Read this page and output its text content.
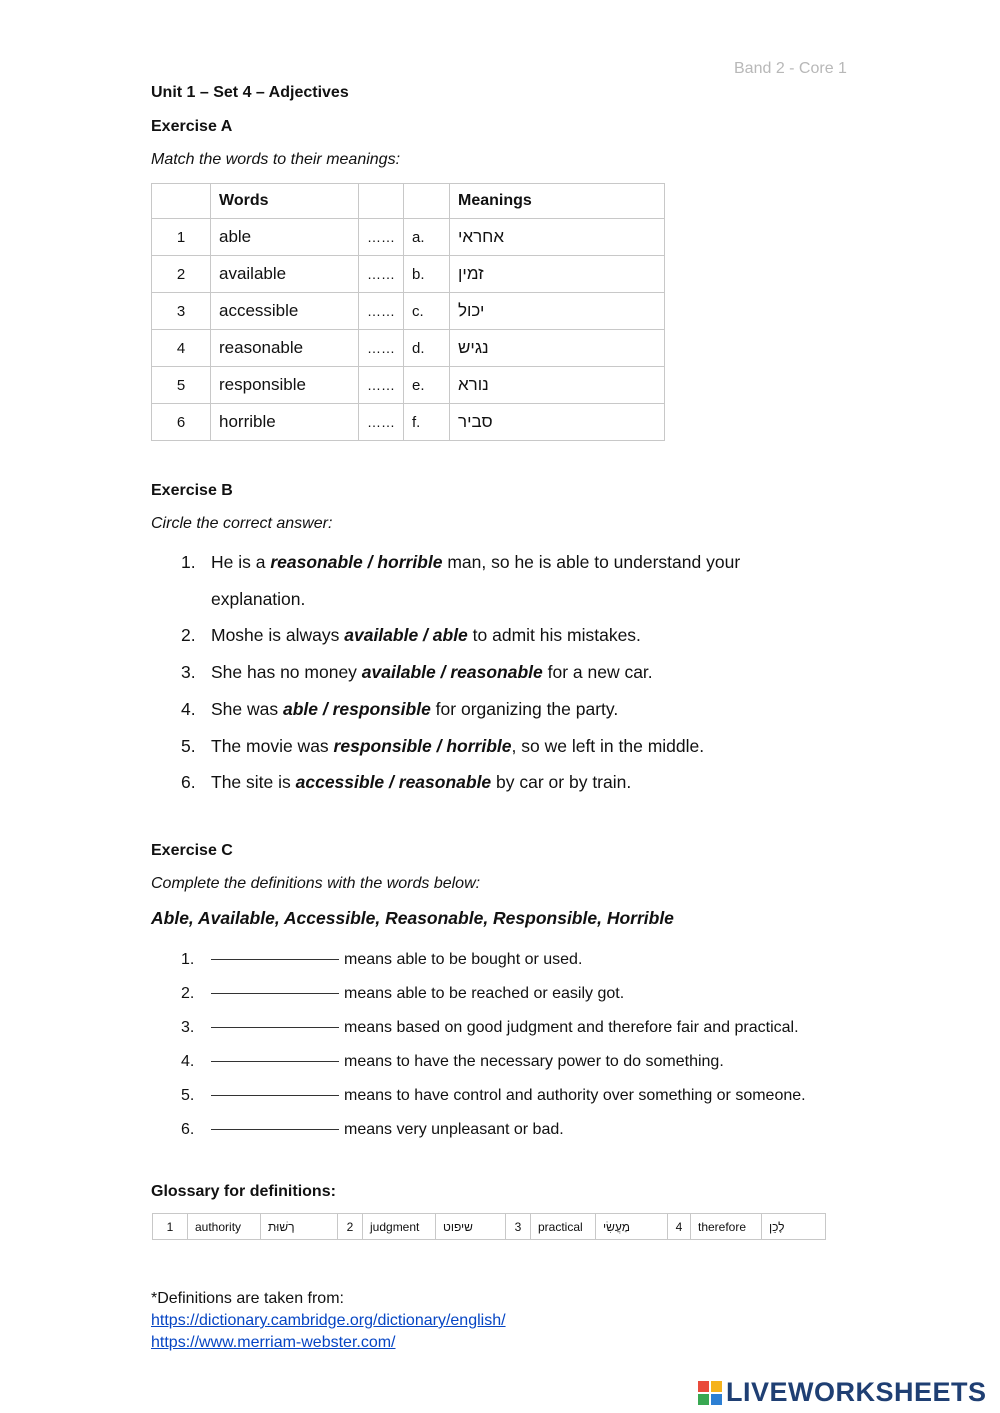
Band 2 - Core 1
Unit 1 – Set 4 – Adjectives
Exercise A
Match the words to their meanings:
	Words			Meanings
1	able	……	a.	אחראי
2	available	……	b.	זמין
3	accessible	……	c.	יכול
4	reasonable	……	d.	נגיש
5	responsible	……	e.	נורא
6	horrible	……	f.	סביר
Exercise B
Circle the correct answer:
1. He is a reasonable / horrible man, so he is able to understand your
explanation.
2. Moshe is always available / able to admit his mistakes.
3. She has no money available / reasonable for a new car.
4. She was able / responsible for organizing the party.
5. The movie was responsible / horrible, so we left in the middle.
6. The site is accessible / reasonable by car or by train.
Exercise C
Complete the definitions with the words below:
Able, Available, Accessible, Reasonable, Responsible, Horrible
1.	means able to be bought or used.
2.	means able to be reached or easily got.
3.	means based on good judgment and therefore fair and practical.
4.	means to have the necessary power to do something.
5.	means to have control and authority over something or someone.
6.	means very unpleasant or bad.
Glossary for definitions:
1	authority	רָשׁוּת	2	judgment	שיפוט	3	practical	מַעֲשִׂי	4	therefore	לָכֵן
*Definitions are taken from:
https://dictionary.cambridge.org/dictionary/english/
https://www.merriam-webster.com/
LIVEWORKSHEETS
